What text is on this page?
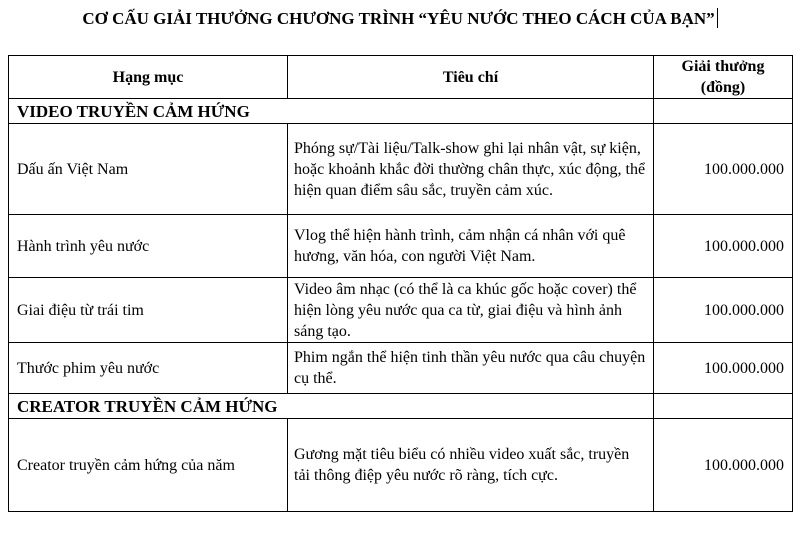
CƠ CẤU GIẢI THƯỞNG CHƯƠNG TRÌNH “YÊU NƯỚC THEO CÁCH CỦA BẠN”
Hạng mục	Tiêu chí	Giải thưởng
(đồng)
VIDEO TRUYỀN CẢM HỨNG		
Dấu ấn Việt Nam	Phóng sự/Tài liệu/Talk-show ghi lại nhân vật, sự kiện, hoặc khoảnh khắc đời thường chân thực, xúc động, thể hiện quan điểm sâu sắc, truyền cảm xúc.	100.000.000
Hành trình yêu nước	Vlog thể hiện hành trình, cảm nhận cá nhân với quê hương, văn hóa, con người Việt Nam.	100.000.000
Giai điệu từ trái tim	Video âm nhạc (có thể là ca khúc gốc hoặc cover) thể hiện lòng yêu nước qua ca từ, giai điệu và hình ảnh sáng tạo.	100.000.000
Thước phim yêu nước	Phim ngắn thể hiện tinh thần yêu nước qua câu chuyện cụ thể.	100.000.000
CREATOR TRUYỀN CẢM HỨNG		
Creator truyền cảm hứng của năm	Gương mặt tiêu biểu có nhiều video xuất sắc, truyền tải thông điệp yêu nước rõ ràng, tích cực.	100.000.000
